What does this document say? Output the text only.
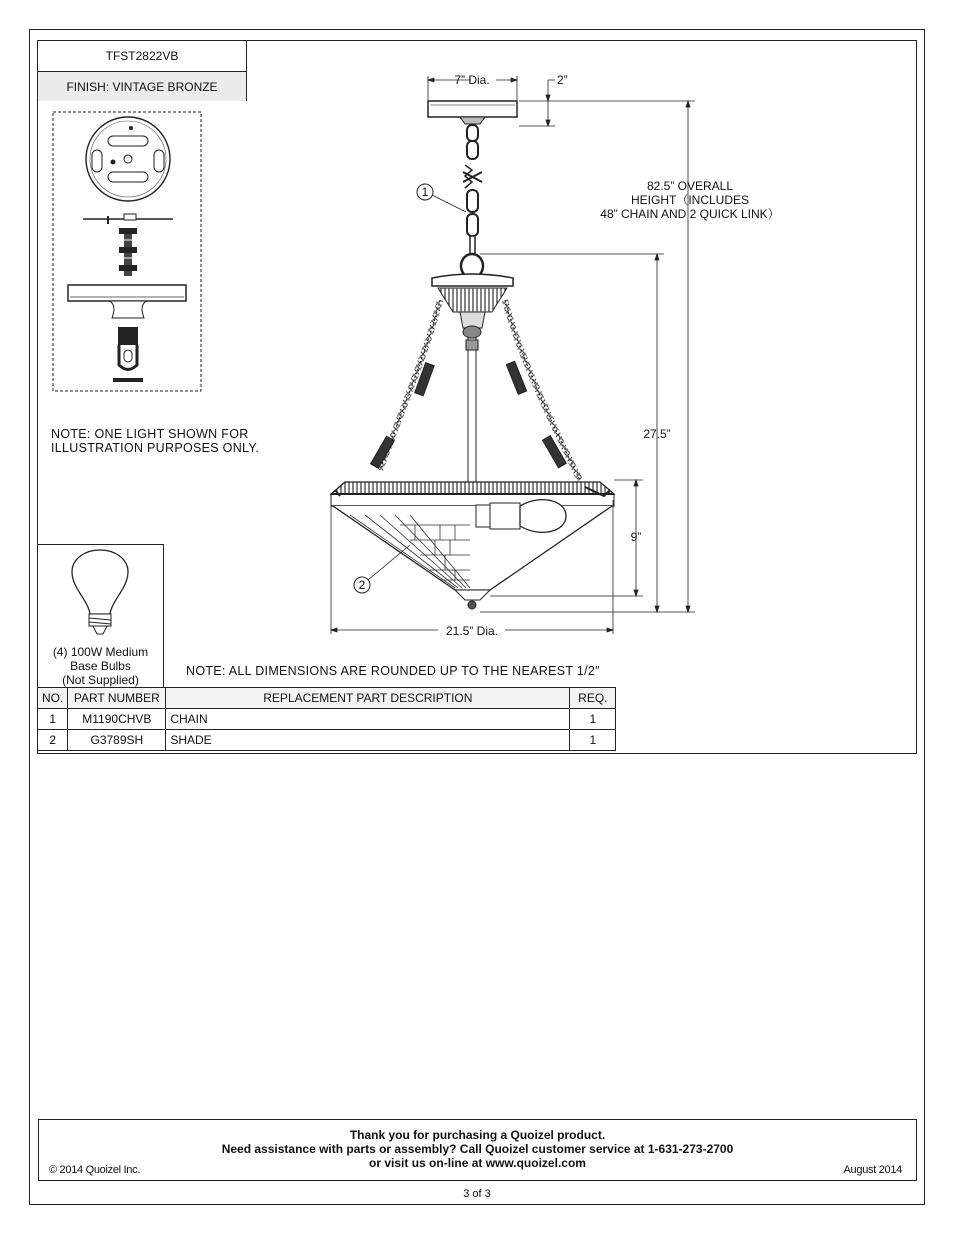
TFST2822VB
FINISH: VINTAGE BRONZE
1
2
7” Dia.	2”
82.5” OVERALL
HEIGHT（INCLUDES
48” CHAIN AND 2 QUICK LINK）
27.5”
9”
21.5” Dia.
NOTE: ONE LIGHT SHOWN FOR
ILLUSTRATION PURPOSES ONLY.
NOTE: ALL DIMENSIONS ARE ROUNDED UP TO THE NEAREST 1/2″
(4) 100W Medium
Base Bulbs
(Not Supplied)
NO.	PART NUMBER	REPLACEMENT PART DESCRIPTION	REQ.
1	M1190CHVB	CHAIN	1
2	G3789SH	SHADE	1
Thank you for purchasing a Quoizel product.
Need assistance with parts or assembly? Call Quoizel customer service at 1-631-273-2700
or visit us on-line at www.quoizel.com
© 2014 Quoizel Inc.	August 2014
3 of 3
